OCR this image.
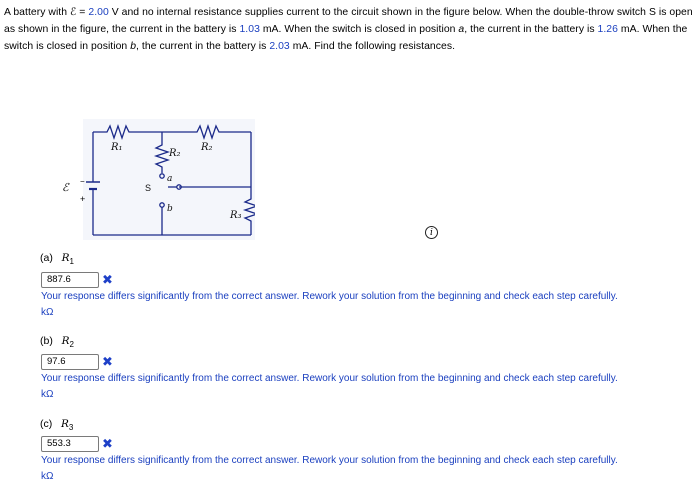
A battery with ℰ = 2.00 V and no internal resistance supplies current to the circuit shown in the figure below. When the double-throw switch S is open as shown in the figure, the current in the battery is 1.03 mA. When the switch is closed in position a, the current in the battery is 1.26 mA. When the switch is closed in position b, the current in the battery is 2.03 mA. Find the following resistances.
R₁
R₂
R₂
R₃
a
b
S
ℰ −
+
i
(a) $R_1$
887.6	✖
Your response differs significantly from the correct answer. Rework your solution from the beginning and check each step carefully.
kΩ
(b) $R_2$
97.6	✖
Your response differs significantly from the correct answer. Rework your solution from the beginning and check each step carefully.
kΩ
(c) $R_3$
553.3	✖
Your response differs significantly from the correct answer. Rework your solution from the beginning and check each step carefully.
kΩ
